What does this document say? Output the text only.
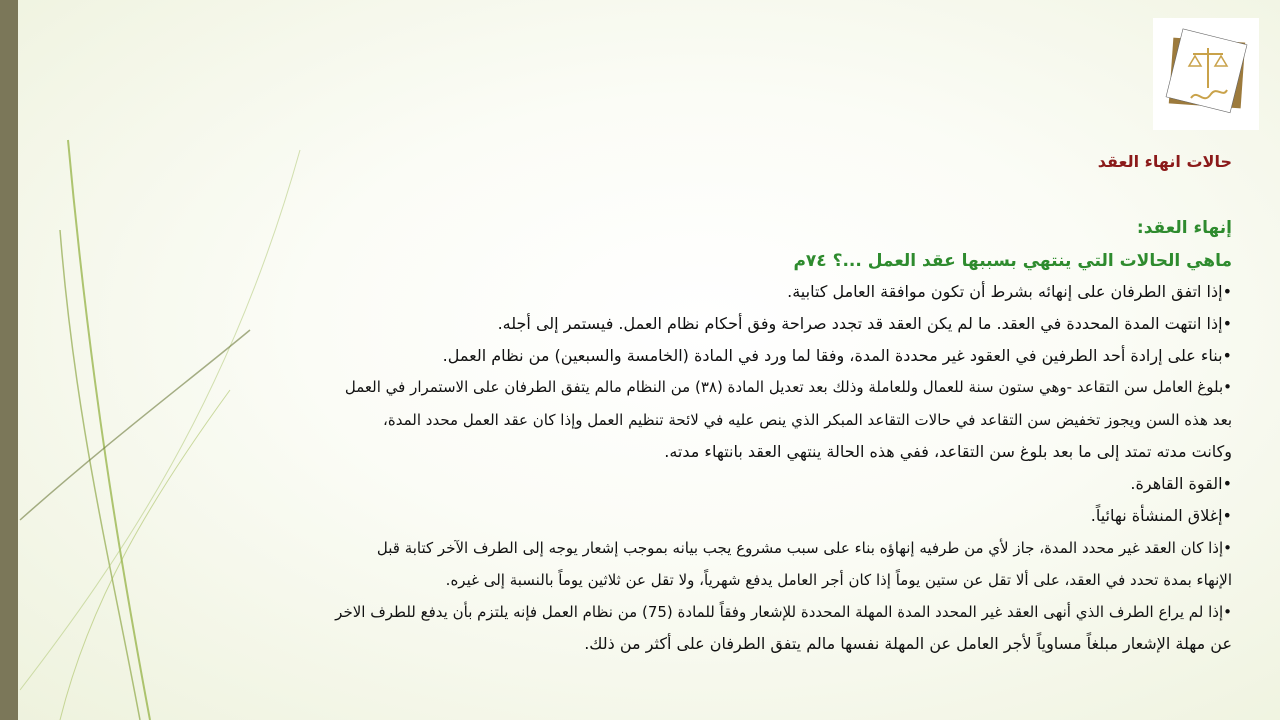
حالات انهاء العقد
إنهاء العقد:
ماهي الحالات التي ينتهي بسببها عقد العمل ...؟ ٧٤م
•إذا اتفق الطرفان على إنهائه بشرط أن تكون موافقة العامل كتابية.
•إذا انتهت المدة المحددة في العقد. ما لم يكن العقد قد تجدد صراحة وفق أحكام نظام العمل. فيستمر إلى أجله.
•بناء على إرادة أحد الطرفين في العقود غير محددة المدة، وفقا لما ورد في المادة (الخامسة والسبعين) من نظام العمل.
•بلوغ العامل سن التقاعد -وهي ستون سنة للعمال وللعاملة وذلك بعد تعديل المادة (٣٨) من النظام مالم يتفق الطرفان على الاستمرار في العمل
بعد هذه السن ويجوز تخفيض سن التقاعد في حالات التقاعد المبكر الذي ينص عليه في لائحة تنظيم العمل وإذا كان عقد العمل محدد المدة،
وكانت مدته تمتد إلى ما بعد بلوغ سن التقاعد، ففي هذه الحالة ينتهي العقد بانتهاء مدته.
•القوة القاهرة.
•إغلاق المنشأة نهائياً.
•إذا كان العقد غير محدد المدة، جاز لأي من طرفيه إنهاؤه بناء على سبب مشروع يجب بيانه بموجب إشعار يوجه إلى الطرف الآخر كتابة قبل
الإنهاء بمدة تحدد في العقد، على ألا تقل عن ستين يوماً إذا كان أجر العامل يدفع شهرياً، ولا تقل عن ثلاثين يوماً بالنسبة إلى غيره.
•إذا لم يراع الطرف الذي أنهى العقد غير المحدد المدة المهلة المحددة للإشعار وفقاً للمادة (75) من نظام العمل فإنه يلتزم بأن يدفع للطرف الاخر
عن مهلة الإشعار مبلغاً مساوياً لأجر العامل عن المهلة نفسها مالم يتفق الطرفان على أكثر من ذلك.
